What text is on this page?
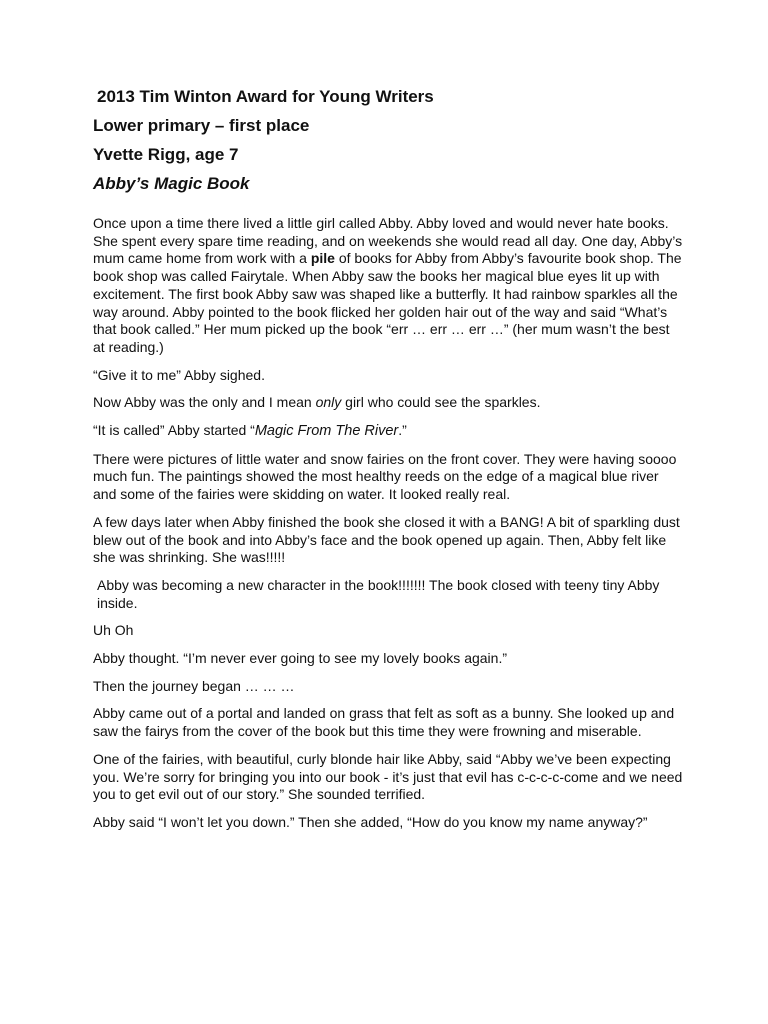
2013 Tim Winton Award for Young Writers
Lower primary – first place
Yvette Rigg, age 7
Abby’s Magic Book

Once upon a time there lived a little girl called Abby. Abby loved and would never hate books. She spent every spare time reading, and on weekends she would read all day. One day, Abby’s mum came home from work with a pile of books for Abby from Abby’s favourite book shop. The book shop was called Fairytale. When Abby saw the books her magical blue eyes lit up with excitement. The first book Abby saw was shaped like a butterfly. It had rainbow sparkles all the way around. Abby pointed to the book flicked her golden hair out of the way and said “What’s that book called.” Her mum picked up the book “err … err … err …” (her mum wasn’t the best at reading.)

“Give it to me” Abby sighed.

Now Abby was the only and I mean only girl who could see the sparkles.

“It is called” Abby started “Magic From The River.”

There were pictures of little water and snow fairies on the front cover. They were having soooo much fun. The paintings showed the most healthy reeds on the edge of a magical blue river and some of the fairies were skidding on water. It looked really real.

A few days later when Abby finished the book she closed it with a BANG! A bit of sparkling dust blew out of the book and into Abby’s face and the book opened up again. Then, Abby felt like she was shrinking. She was!!!!!

Abby was becoming a new character in the book!!!!!!! The book closed with teeny tiny Abby inside.

Uh Oh

Abby thought. “I’m never ever going to see my lovely books again.”

Then the journey began … … …

Abby came out of a portal and landed on grass that felt as soft as a bunny. She looked up and saw the fairys from the cover of the book but this time they were frowning and miserable.

One of the fairies, with beautiful, curly blonde hair like Abby, said “Abby we’ve been expecting you. We’re sorry for bringing you into our book - it’s just that evil has c-c-c-c-come and we need you to get evil out of our story.” She sounded terrified.

Abby said “I won’t let you down.” Then she added, “How do you know my name anyway?”
